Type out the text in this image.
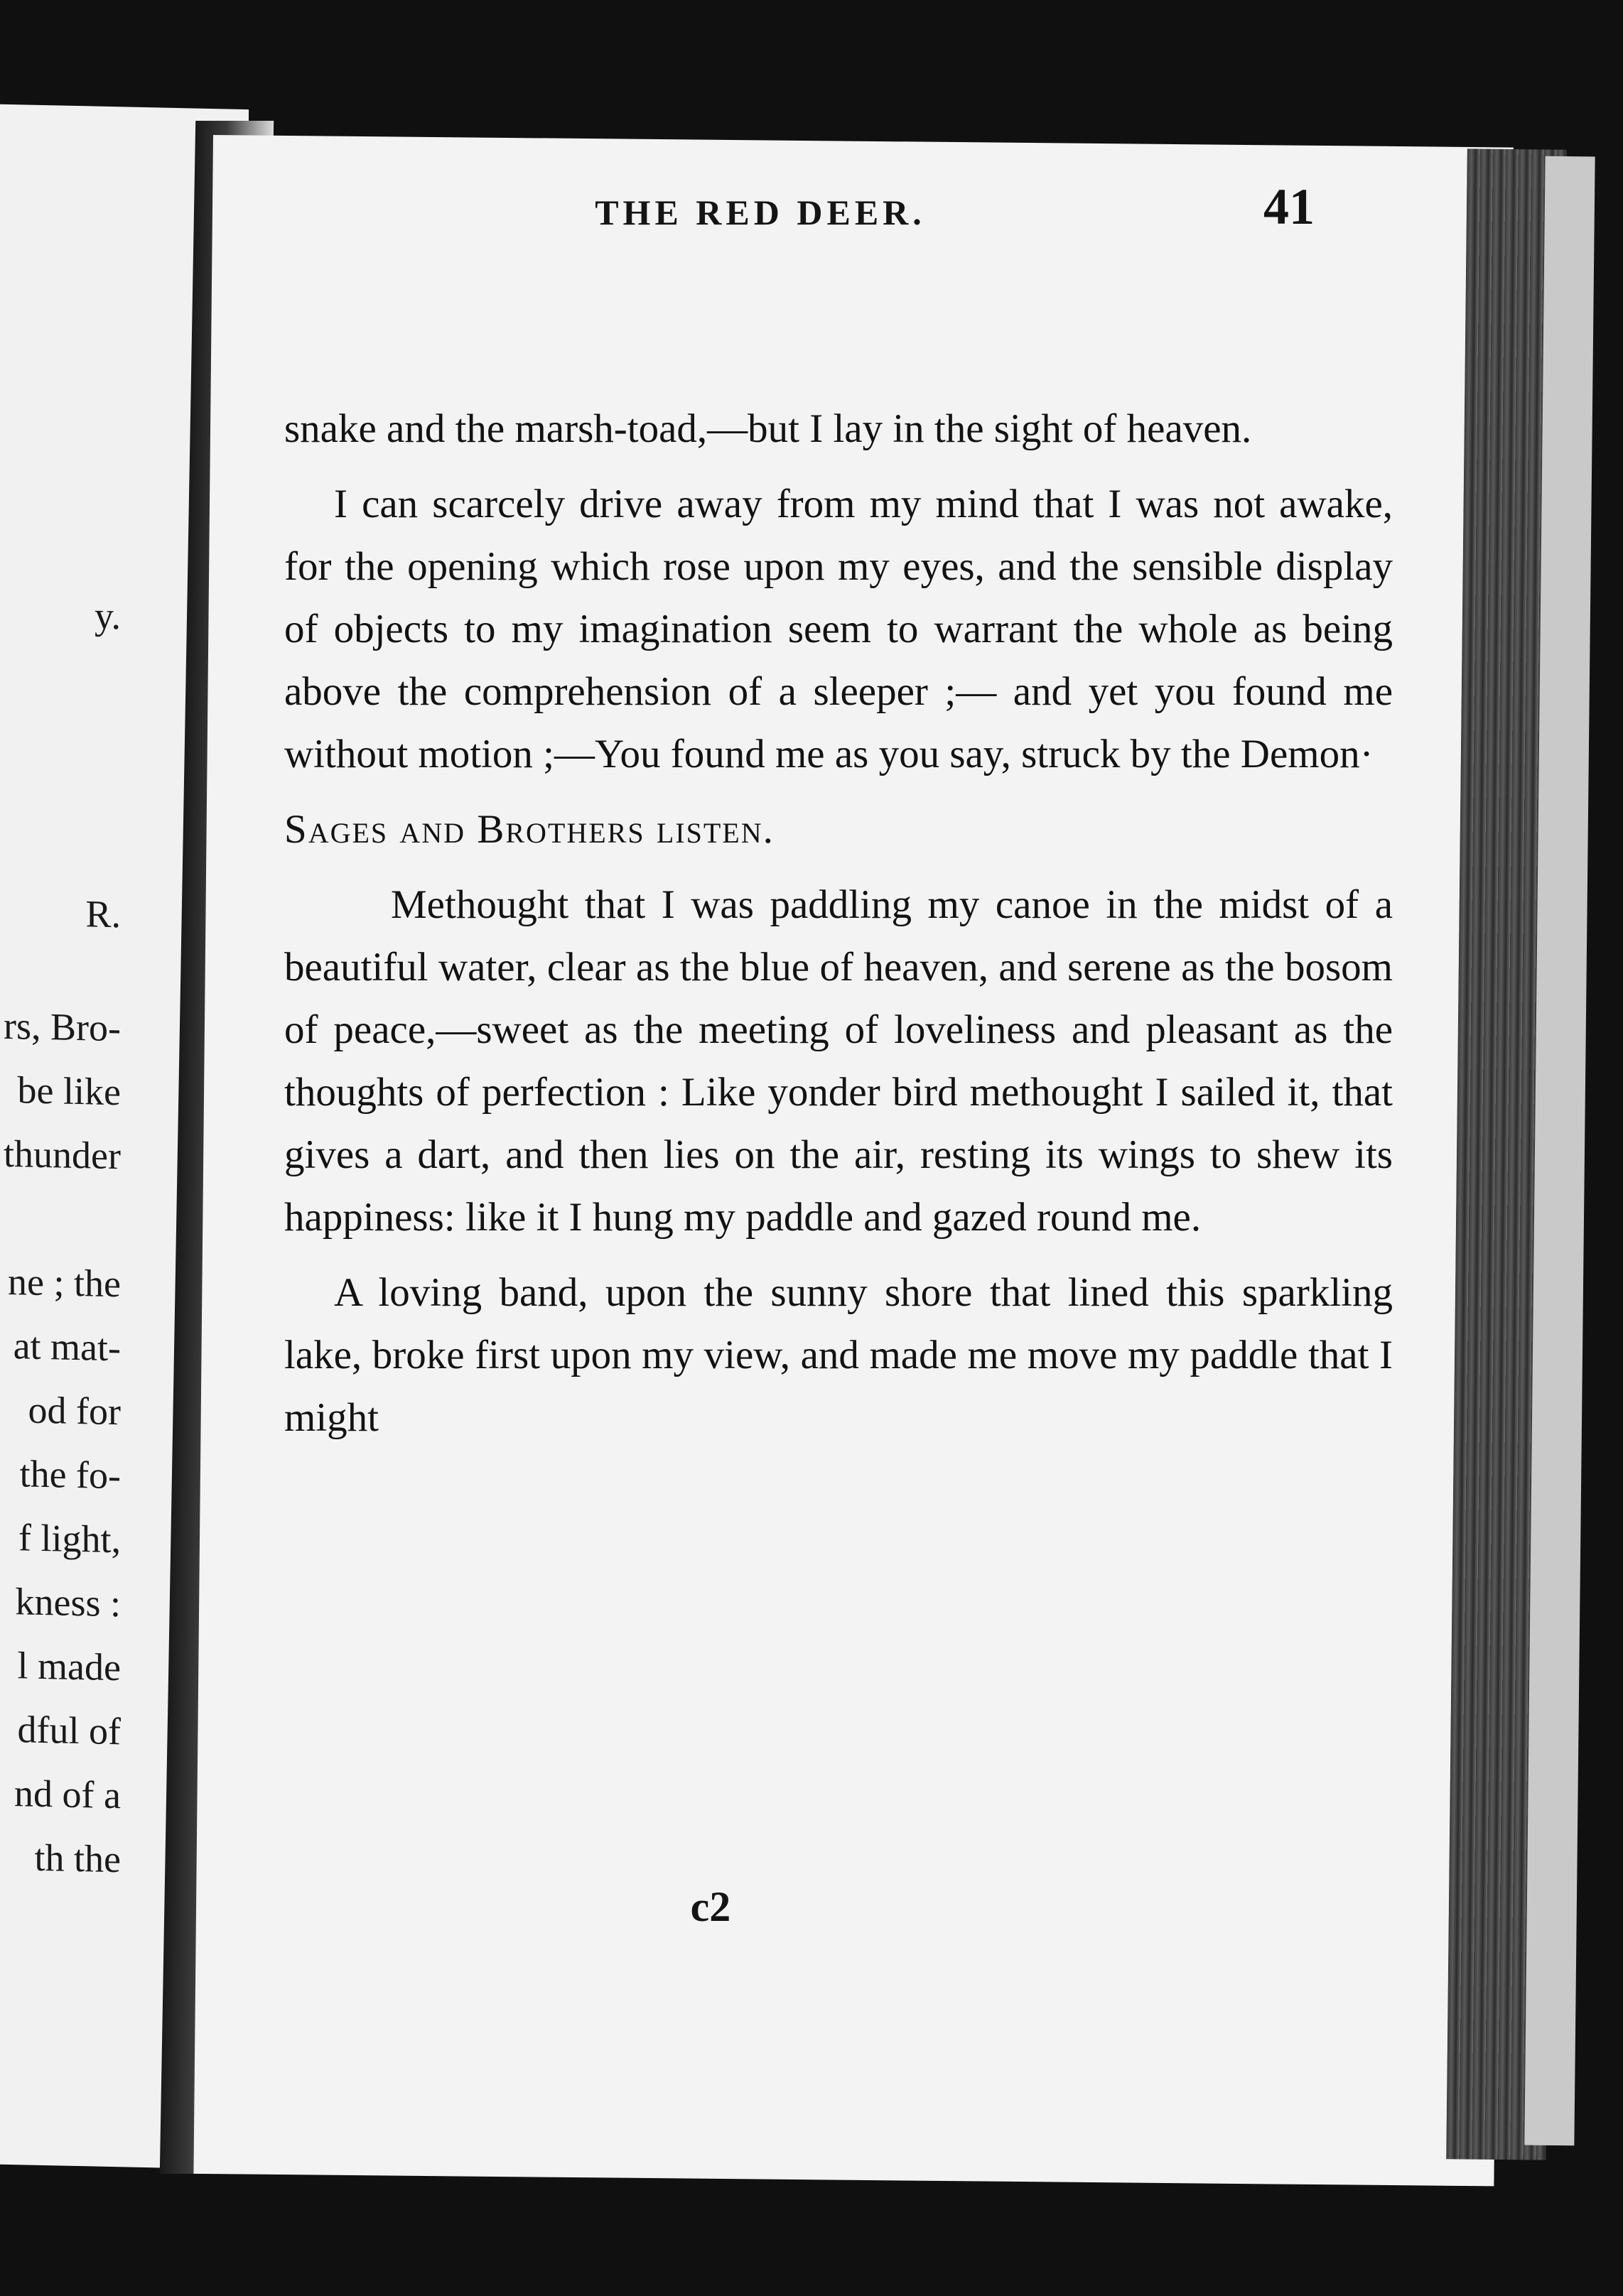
y.
R.
rs, Bro-
be like
thunder
ne ; the
at mat-
od for
the fo-
f light,
kness :
l made
dful of
nd of a
th the
THE RED DEER.	41

snake and the marsh-toad,—but I lay in the sight of heaven.

I can scarcely drive away from my mind that I was not awake, for the opening which rose upon my eyes, and the sensible display of objects to my imagination seem to warrant the whole as being above the comprehension of a sleeper ;— and yet you found me without motion ;—You found me as you say, struck by the Demon·

Sages and Brothers listen.

Methought that I was paddling my canoe in the midst of a beautiful water, clear as the blue of heaven, and serene as the bosom of peace,—sweet as the meeting of loveliness and pleasant as the thoughts of perfection : Like yonder bird methought I sailed it, that gives a dart, and then lies on the air, resting its wings to shew its happiness: like it I hung my paddle and gazed round me.

A loving band, upon the sunny shore that lined this sparkling lake, broke first upon my view, and made me move my paddle that I might

c2
